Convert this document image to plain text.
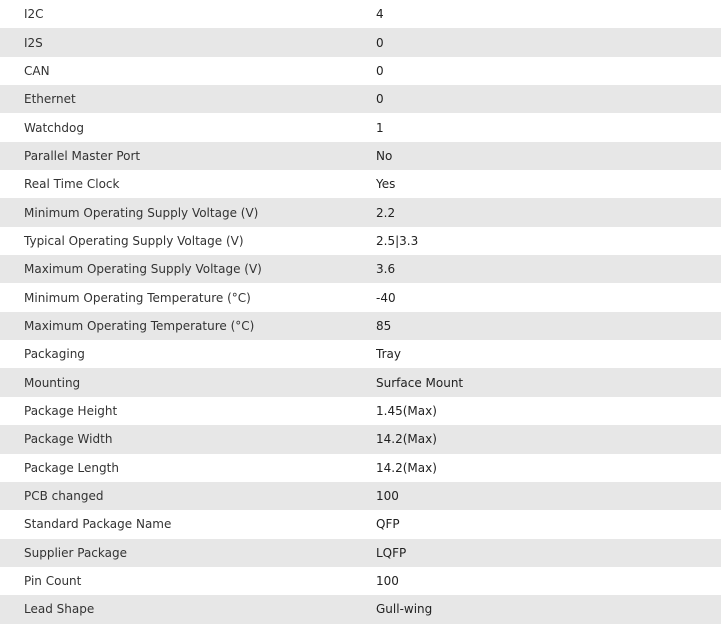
I2C	4
I2S	0
CAN	0
Ethernet	0
Watchdog	1
Parallel Master Port	No
Real Time Clock	Yes
Minimum Operating Supply Voltage (V)	2.2
Typical Operating Supply Voltage (V)	2.5|3.3
Maximum Operating Supply Voltage (V)	3.6
Minimum Operating Temperature (°C)	-40
Maximum Operating Temperature (°C)	85
Packaging	Tray
Mounting	Surface Mount
Package Height	1.45(Max)
Package Width	14.2(Max)
Package Length	14.2(Max)
PCB changed	100
Standard Package Name	QFP
Supplier Package	LQFP
Pin Count	100
Lead Shape	Gull-wing
